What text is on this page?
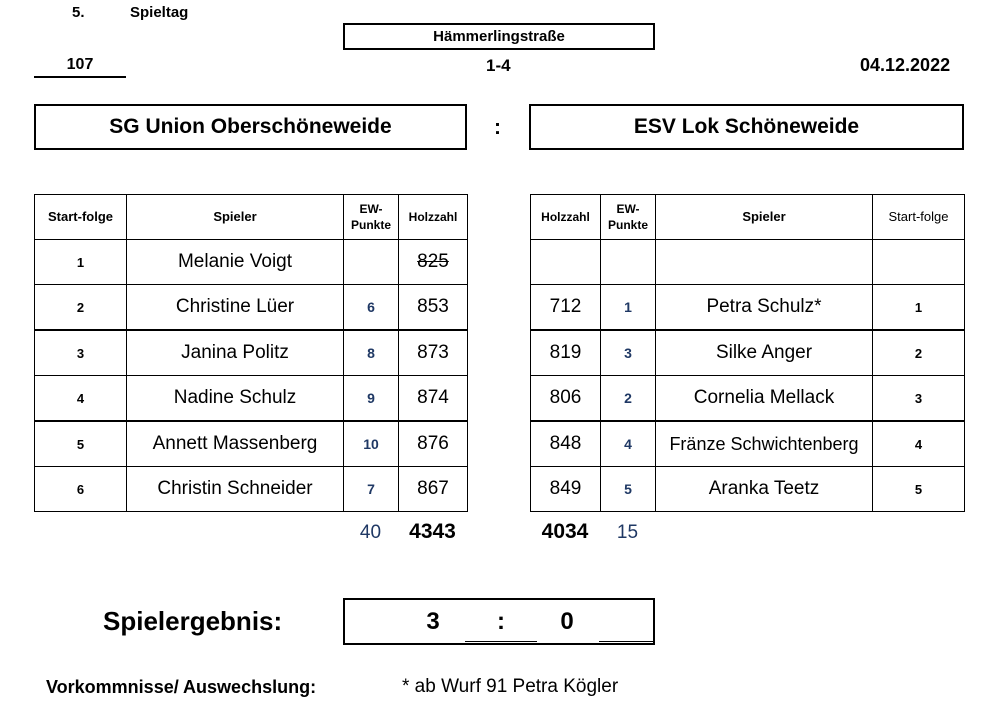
5.	Spieltag
Hämmerlingstraße
107	1-4	04.12.2022
SG Union Oberschöneweide	:	ESV Lok Schöneweide
Start-folge	Spieler	EW-Punkte	Holzzahl
1	Melanie Voigt		825
2	Christine Lüer	6	853
3	Janina Politz	8	873
4	Nadine Schulz	9	874
5	Annett Massenberg	10	876
6	Christin Schneider	7	867
Holzzahl	EW-Punkte	Spieler	Start-folge

712	1	Petra Schulz*	1
819	3	Silke Anger	2
806	2	Cornelia Mellack	3
848	4	Fränze Schwichtenberg	4
849	5	Aranka Teetz	5
40	4343	4034	15
Spielergebnis:	3	:	0
Vorkommnisse/ Auswechslung:	* ab Wurf 91 Petra Kögler
